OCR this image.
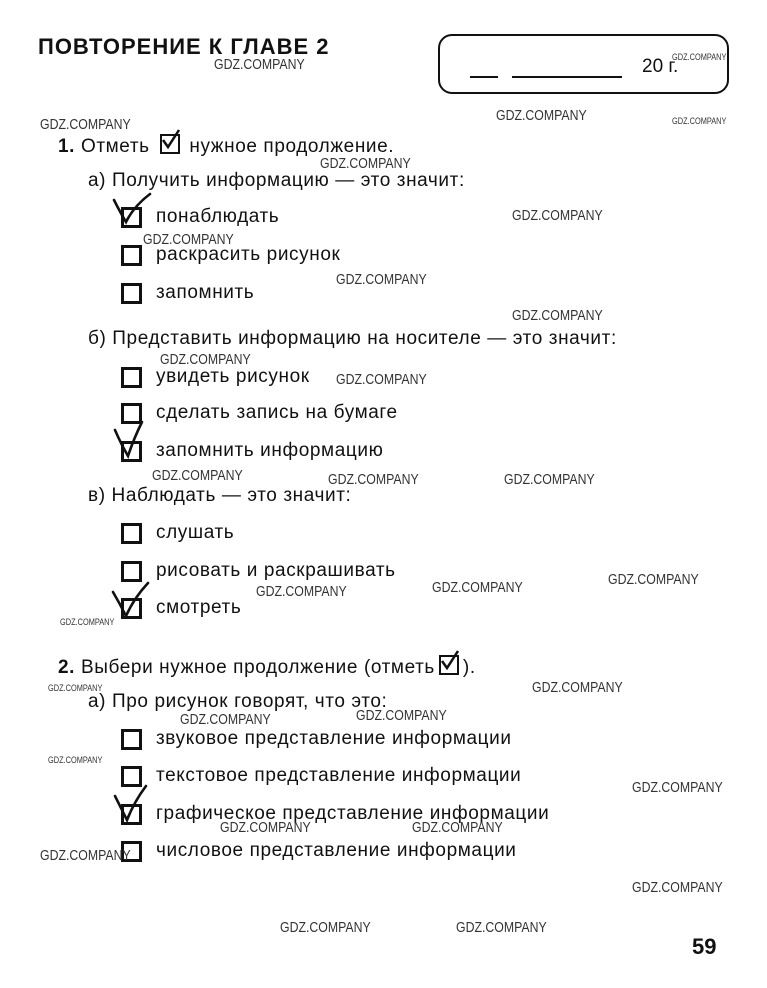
ПОВТОРЕНИЕ К ГЛАВЕ 2
20 г.
1. Отметь нужное продолжение.
а) Получить информацию — это значит:
понаблюдать
раскрасить рисунок
запомнить
б) Представить информацию на носителе — это значит:
увидеть рисунок
сделать запись на бумаге
запомнить информацию
в) Наблюдать — это значит:
слушать
рисовать и раскрашивать
смотреть
2. Выбери нужное продолжение (отметь ).
а) Про рисунок говорят, что это:
звуковое представление информации
текстовое представление информации
графическое представление информации
числовое представление информации
59
GDZ.COMPANY	GDZ.COMPANY
GDZ.COMPANY
GDZ.COMPANY	GDZ.COMPANY
GDZ.COMPANY
GDZ.COMPANY
GDZ.COMPANY
GDZ.COMPANY
GDZ.COMPANY
GDZ.COMPANY
GDZ.COMPANY
GDZ.COMPANY	GDZ.COMPANY	GDZ.COMPANY
GDZ.COMPANY
GDZ.COMPANY
GDZ.COMPANY
GDZ.COMPANY
GDZ.COMPANY	GDZ.COMPANY
GDZ.COMPANY	GDZ.COMPANY
GDZ.COMPANY
GDZ.COMPANY
GDZ.COMPANY	GDZ.COMPANY
GDZ.COMPANY
GDZ.COMPANY
GDZ.COMPANY	GDZ.COMPANY
